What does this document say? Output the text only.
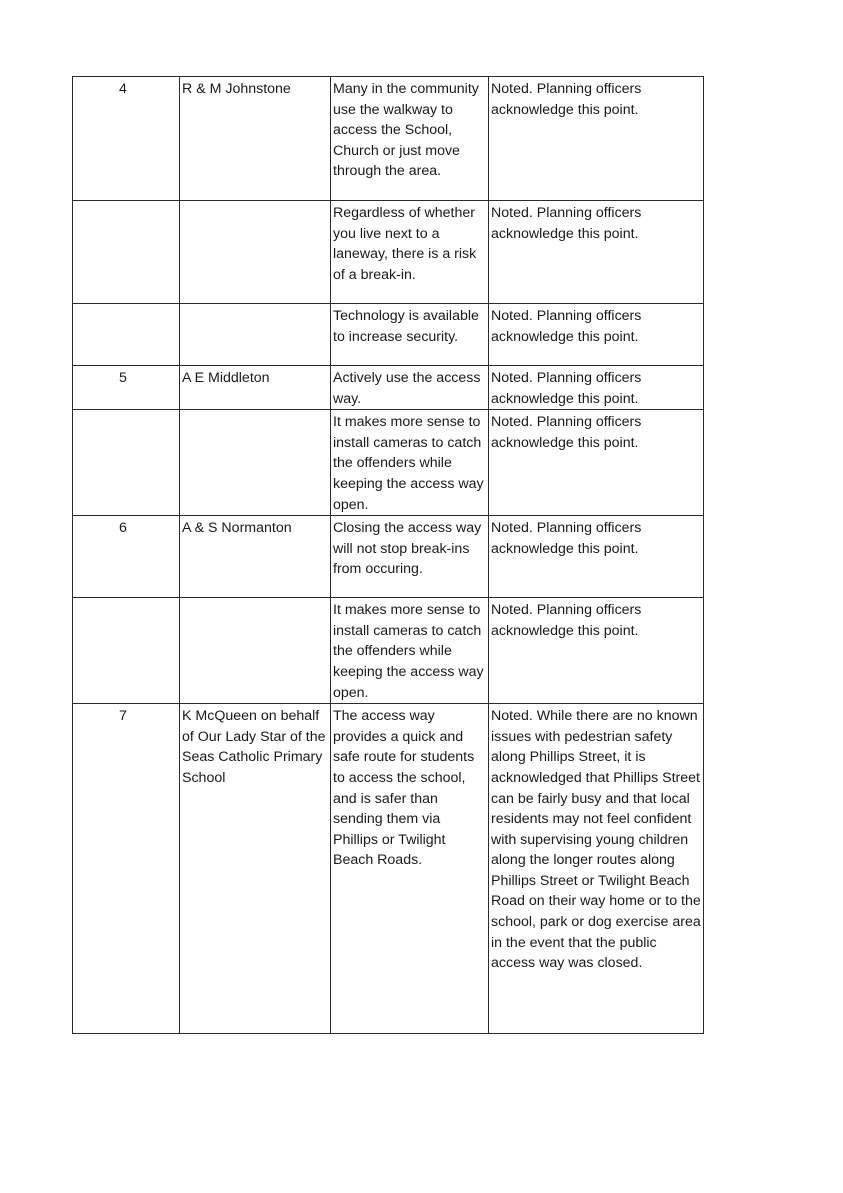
4	R & M Johnstone	Many in the community use the walkway to access the School, Church or just move through the area.	Noted. Planning officers acknowledge this point.
		Regardless of whether you live next to a laneway, there is a risk of a break-in.	Noted. Planning officers acknowledge this point.
		Technology is available to increase security.	Noted. Planning officers acknowledge this point.
5	A E Middleton	Actively use the access way.	Noted. Planning officers acknowledge this point.
		It makes more sense to install cameras to catch the offenders while keeping the access way open.	Noted. Planning officers acknowledge this point.
6	A & S Normanton	Closing the access way will not stop break-ins from occuring.	Noted. Planning officers acknowledge this point.
		It makes more sense to install cameras to catch the offenders while keeping the access way open.	Noted. Planning officers acknowledge this point.
7	K McQueen on behalf of Our Lady Star of the Seas Catholic Primary School	The access way provides a quick and safe route for students to access the school, and is safer than sending them via Phillips or Twilight Beach Roads.	Noted. While there are no known issues with pedestrian safety along Phillips Street, it is acknowledged that Phillips Street can be fairly busy and that local residents may not feel confident with supervising young children along the longer routes along Phillips Street or Twilight Beach Road on their way home or to the school, park or dog exercise area in the event that the public access way was closed.
